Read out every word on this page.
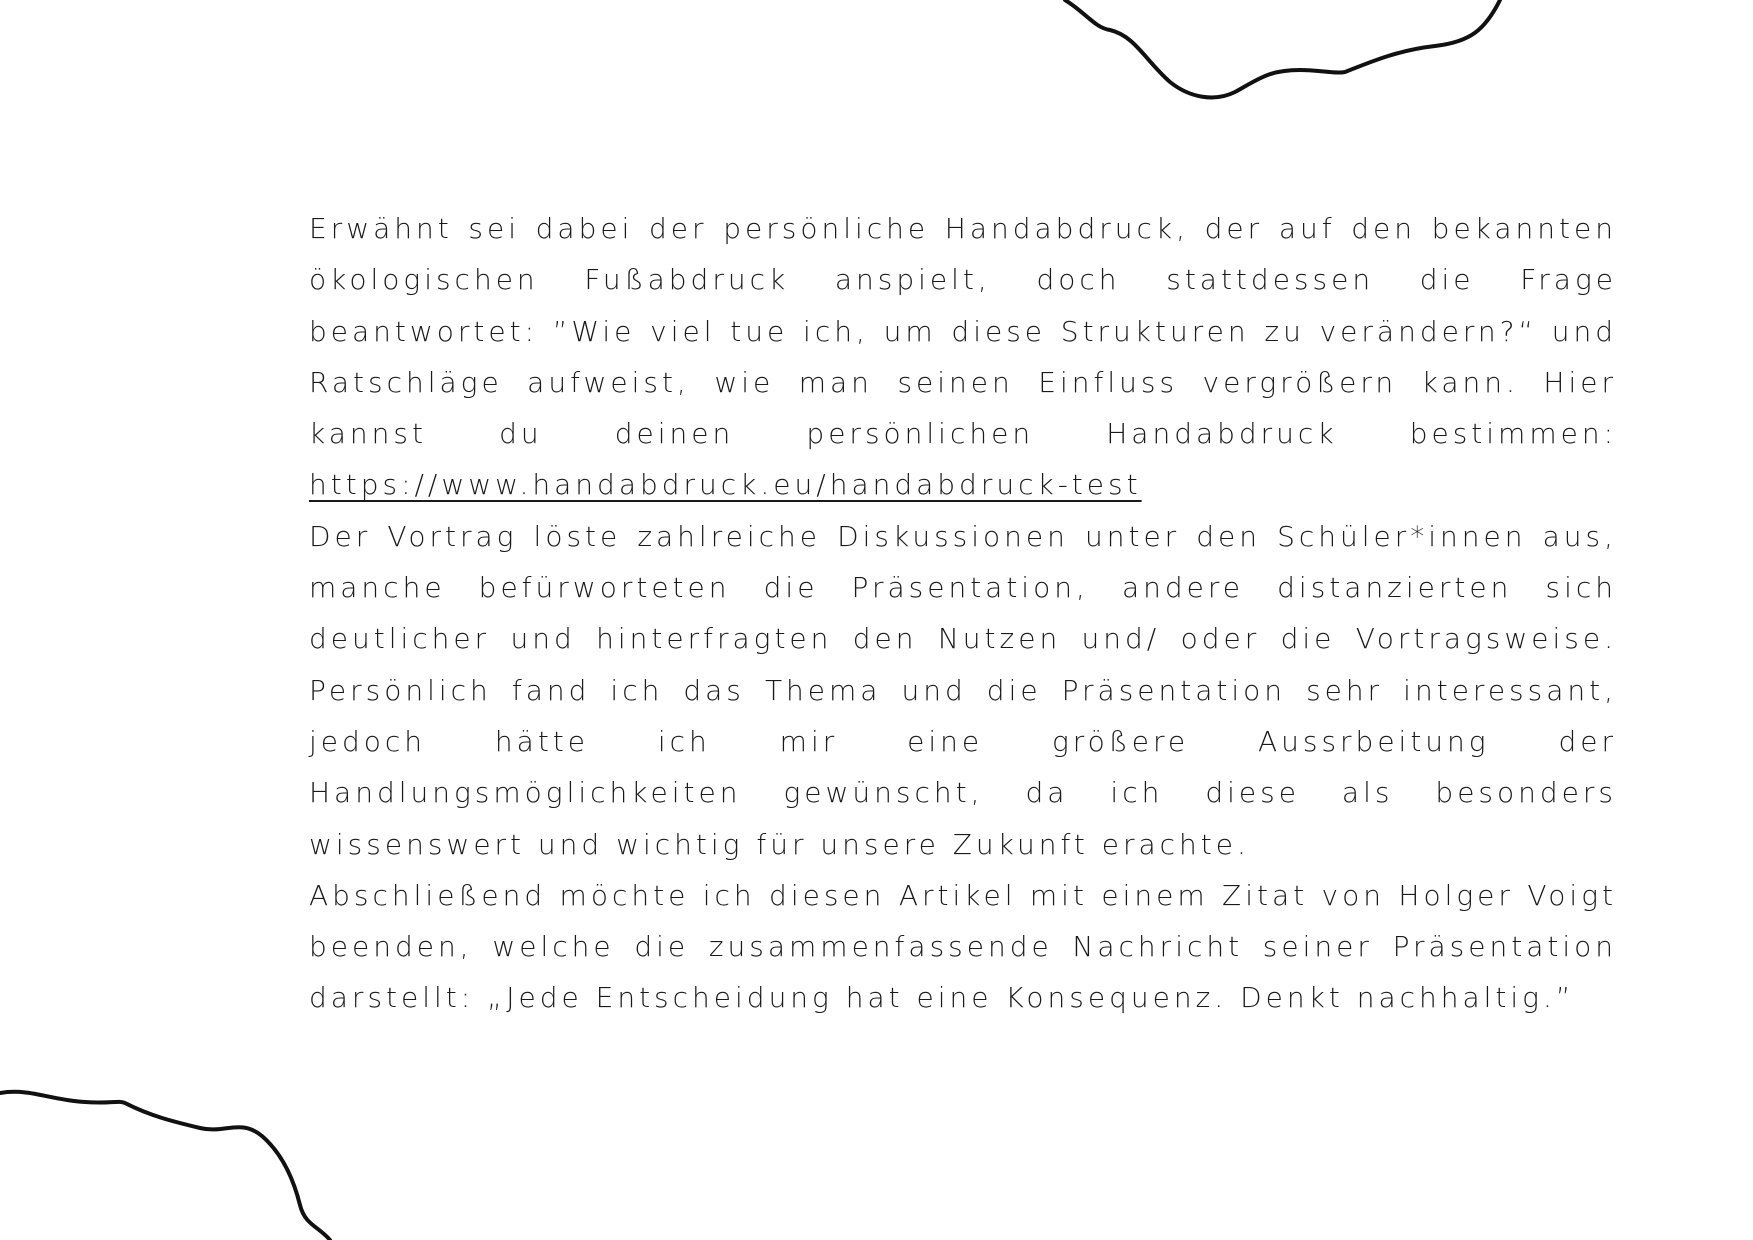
Erwähnt sei dabei der persönliche Handabdruck, der auf den bekannten ökologischen Fußabdruck anspielt, doch stattdessen die Frage beantwortet: ”Wie viel tue ich, um diese Strukturen zu verändern?“ und Ratschläge aufweist, wie man seinen Einfluss vergrößern kann. Hier kannst du deinen persönlichen Handabdruck bestimmen: https://www.handabdruck.eu/handabdruck-test

Der Vortrag löste zahlreiche Diskussionen unter den Schüler*innen aus, manche befürworteten die Präsentation, andere distanzierten sich deutlicher und hinterfragten den Nutzen und/ oder die Vortragsweise. Persönlich fand ich das Thema und die Präsentation sehr interessant, jedoch hätte ich mir eine größere Aussrbeitung der Handlungsmöglichkeiten gewünscht, da ich diese als besonders wissenswert und wichtig für unsere Zukunft erachte.

Abschließend möchte ich diesen Artikel mit einem Zitat von Holger Voigt beenden, welche die zusammenfassende Nachricht seiner Präsentation darstellt: „Jede Entscheidung hat eine Konsequenz. Denkt nachhaltig.”
